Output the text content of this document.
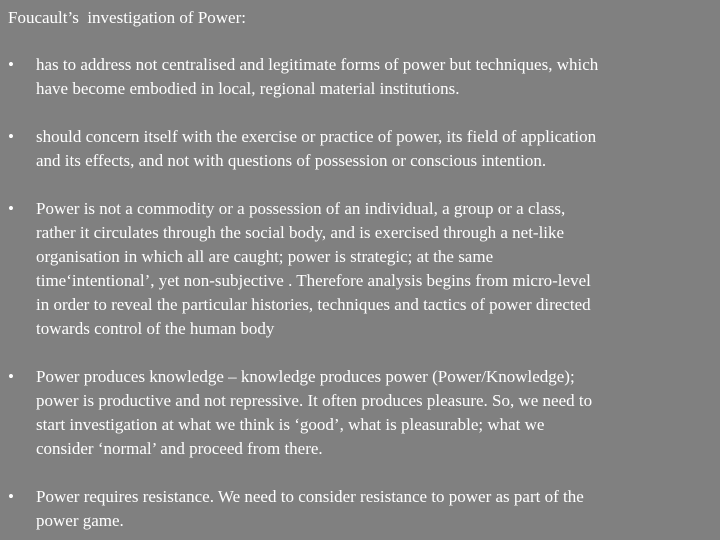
Foucault’s  investigation of Power:
• has to address not centralised and legitimate forms of power but techniques, which
have become embodied in local, regional material institutions.
• should concern itself with the exercise or practice of power, its field of application
and its effects, and not with questions of possession or conscious intention.
• Power is not a commodity or a possession of an individual, a group or a class,
rather it circulates through the social body, and is exercised through a net-like
organisation in which all are caught; power is strategic; at the same
time‘intentional’, yet non-subjective . Therefore analysis begins from micro-level
in order to reveal the particular histories, techniques and tactics of power directed
towards control of the human body
• Power produces knowledge – knowledge produces power (Power/Knowledge);
power is productive and not repressive. It often produces pleasure. So, we need to
start investigation at what we think is ‘good’, what is pleasurable; what we
consider ‘normal’ and proceed from there.
• Power requires resistance. We need to consider resistance to power as part of the
power game.
